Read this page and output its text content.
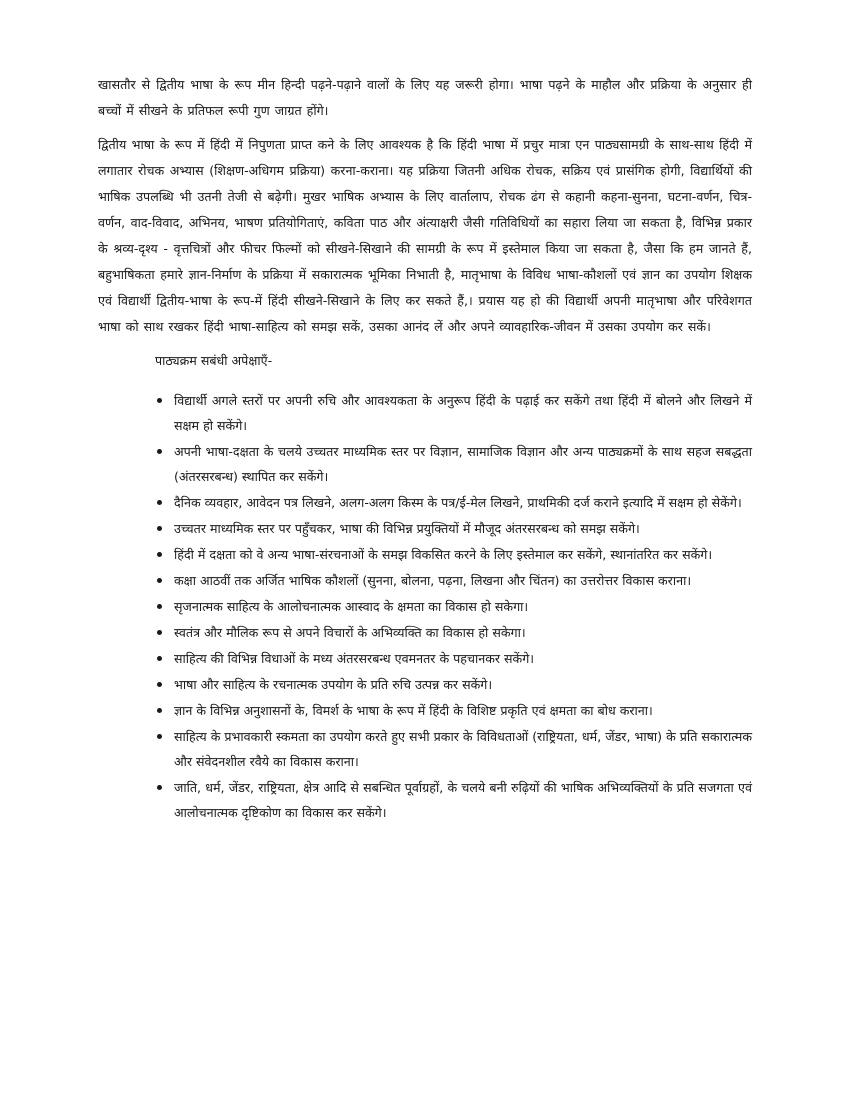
खासतौर से द्वितीय भाषा के रूप मीन हिन्दी पढ़ने-पढ़ाने वालों के लिए यह जरूरी होगा। भाषा पढ़ने के माहौल और प्रक्रिया के अनुसार ही बच्चों में सीखने के प्रतिफल रूपी गुण जाग्रत होंगे।

द्वितीय भाषा के रूप में हिंदी में निपुणता प्राप्त कने के लिए आवश्यक है कि हिंदी भाषा में प्रचुर मात्रा एन पाठ्यसामग्री के साथ-साथ हिंदी में लगातार रोचक अभ्यास (शिक्षण-अधिगम प्रक्रिया) करना-कराना। यह प्रक्रिया जितनी अधिक रोचक, सक्रिय एवं प्रासंगिक होगी, विद्यार्थियों की भाषिक उपलब्धि भी उतनी तेजी से बढ़ेगी। मुखर भाषिक अभ्यास के लिए वार्तालाप, रोचक ढंग से कहानी कहना-सुनना, घटना-वर्णन, चित्र-वर्णन, वाद-विवाद, अभिनय, भाषण प्रतियोगिताएं, कविता पाठ और अंत्याक्षरी जैसी गतिविधियों का सहारा लिया जा सकता है, विभिन्न प्रकार के श्रव्य-दृश्य - वृत्तचित्रों और फीचर फिल्मों को सीखने-सिखाने की सामग्री के रूप में इस्तेमाल किया जा सकता है, जैसा कि हम जानते हैं, बहुभाषिकता हमारे ज्ञान-निर्माण के प्रक्रिया में सकारात्मक भूमिका निभाती है, मातृभाषा के विविध भाषा-कौशलों एवं ज्ञान का उपयोग शिक्षक एवं विद्यार्थी द्वितीय-भाषा के रूप-में हिंदी सीखने-सिखाने के लिए कर सकते हैं,। प्रयास यह हो की विद्यार्थी अपनी मातृभाषा और परिवेशगत भाषा को साथ रखकर हिंदी भाषा-साहित्य को समझ सकें, उसका आनंद लें और अपने व्यावहारिक-जीवन में उसका उपयोग कर सकें।

पाठ्यक्रम सबंधी अपेक्षाएँ-
विद्यार्थी अगले स्तरों पर अपनी रुचि और आवश्यकता के अनुरूप हिंदी के पढ़ाई कर सकेंगे तथा हिंदी में बोलने और लिखने में सक्षम हो सकेंगे।
अपनी भाषा-दक्षता के चलये उच्चतर माध्यमिक स्तर पर विज्ञान, सामाजिक विज्ञान और अन्य पाठ्यक्रमों के साथ सहज सबद्धता (अंतरसरबन्ध) स्थापित कर सकेंगे।
दैनिक व्यवहार, आवेदन पत्र लिखने, अलग-अलग किस्म के पत्र/ई-मेल लिखने, प्राथमिकी दर्ज कराने इत्यादि में सक्षम हो सेकेंगे।
उच्चतर माध्यमिक स्तर पर पहुँचकर, भाषा की विभिन्न प्रयुक्तियों में मौजूद अंतरसरबन्ध को समझ सकेंगे।
हिंदी में दक्षता को वे अन्य भाषा-संरचनाओं के समझ विकसित करने के लिए इस्तेमाल कर सकेंगे, स्थानांतरित कर सकेंगे।
कक्षा आठवीं तक अर्जित भाषिक कौशलों (सुनना, बोलना, पढ़ना, लिखना और चिंतन) का उत्तरोत्तर विकास कराना।
सृजनात्मक साहित्य के आलोचनात्मक आस्वाद के क्षमता का विकास हो सकेगा।
स्वतंत्र और मौलिक रूप से अपने विचारों के अभिव्यक्ति का विकास हो सकेगा।
साहित्य की विभिन्न विधाओं के मध्य अंतरसरबन्ध एवमनतर के पहचानकर सकेंगे।
भाषा और साहित्य के रचनात्मक उपयोग के प्रति रुचि उत्पन्न कर सकेंगे।
ज्ञान के विभिन्न अनुशासनों के, विमर्श के भाषा के रूप में हिंदी के विशिष्ट प्रकृति एवं क्षमता का बोध कराना।
साहित्य के प्रभावकारी स्कमता का उपयोग करते हुए सभी प्रकार के विविधताओं (राष्ट्रियता, धर्म, जेंडर, भाषा) के प्रति सकारात्मक और संवेदनशील रवैये का विकास कराना।
जाति, धर्म, जेंडर, राष्ट्रियता, क्षेत्र आदि से सबन्धित पूर्वाग्रहों, के चलये बनी रुढ़ियों की भाषिक अभिव्यक्तियों के प्रति सजगता एवं आलोचनात्मक दृष्टिकोण का विकास कर सकेंगे।
